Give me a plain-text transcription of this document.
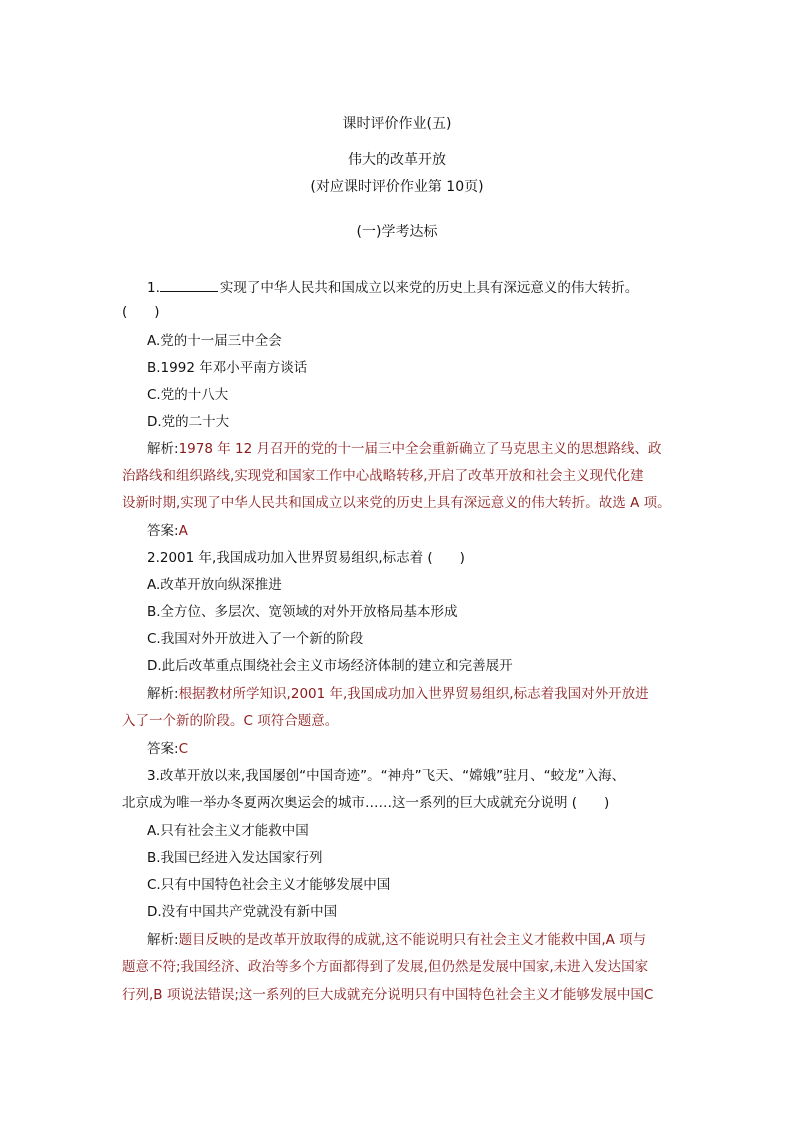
课时评价作业(五)
伟大的改革开放
(对应课时评价作业第 10页)
(一)学考达标
1.	实现了中华人民共和国成立以来党的历史上具有深远意义的伟大转折。
(　　)
A.党的十一届三中全会
B.1992 年邓小平南方谈话
C.党的十八大
D.党的二十大
解析:1978 年 12 月召开的党的十一届三中全会重新确立了马克思主义的思想路线、政
治路线和组织路线,实现党和国家工作中心战略转移,开启了改革开放和社会主义现代化建
设新时期,实现了中华人民共和国成立以来党的历史上具有深远意义的伟大转折。故选 A 项。
答案:A
2.2001 年,我国成功加入世界贸易组织,标志着 (　　)
A.改革开放向纵深推进
B.全方位、多层次、宽领域的对外开放格局基本形成
C.我国对外开放进入了一个新的阶段
D.此后改革重点围绕社会主义市场经济体制的建立和完善展开
解析:根据教材所学知识,2001 年,我国成功加入世界贸易组织,标志着我国对外开放进
入了一个新的阶段。C 项符合题意。
答案:C
3.改革开放以来,我国屡创“中国奇迹”。“神舟”飞天、“嫦娥”驻月、“蛟龙”入海、
北京成为唯一举办冬夏两次奥运会的城市……这一系列的巨大成就充分说明 (　　)
A.只有社会主义才能救中国
B.我国已经进入发达国家行列
C.只有中国特色社会主义才能够发展中国
D.没有中国共产党就没有新中国
解析:题目反映的是改革开放取得的成就,这不能说明只有社会主义才能救中国,A 项与
题意不符;我国经济、政治等多个方面都得到了发展,但仍然是发展中国家,未进入发达国家
行列,B 项说法错误;这一系列的巨大成就充分说明只有中国特色社会主义才能够发展中国C
